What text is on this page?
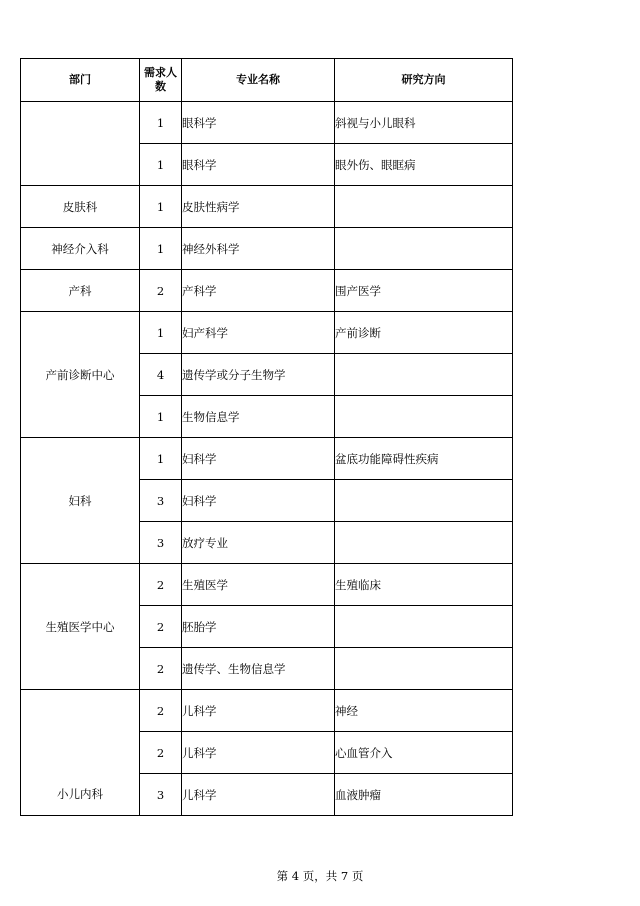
部门	需求人数	专业名称	研究方向
	1	眼科学	斜视与小儿眼科
	1	眼科学	眼外伤、眼眶病
皮肤科	1	皮肤性病学	
神经介入科	1	神经外科学	
产科	2	产科学	围产医学
产前诊断中心	1	妇产科学	产前诊断
	4	遗传学或分子生物学	
	1	生物信息学	
妇科	1	妇科学	盆底功能障碍性疾病
	3	妇科学	
	3	放疗专业	
生殖医学中心	2	生殖医学	生殖临床
	2	胚胎学	
	2	遗传学、生物信息学	
小儿内科	2	儿科学	神经
	2	儿科学	心血管介入
	3	儿科学	血液肿瘤
第 4 页，共 7 页
